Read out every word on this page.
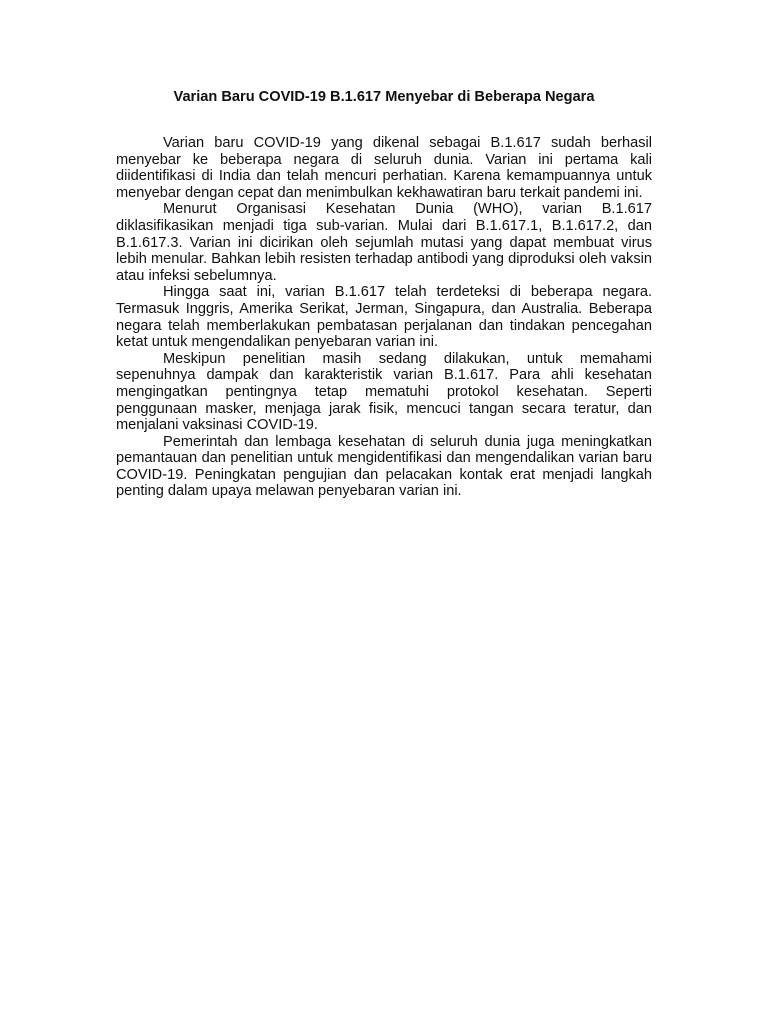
Varian Baru COVID-19 B.1.617 Menyebar di Beberapa Negara

Varian baru COVID-19 yang dikenal sebagai B.1.617 sudah berhasil menyebar ke beberapa negara di seluruh dunia. Varian ini pertama kali diidentifikasi di India dan telah mencuri perhatian. Karena kemampuannya untuk menyebar dengan cepat dan menimbulkan kekhawatiran baru terkait pandemi ini.

Menurut Organisasi Kesehatan Dunia (WHO), varian B.1.617 diklasifikasikan menjadi tiga sub-varian. Mulai dari B.1.617.1, B.1.617.2, dan B.1.617.3. Varian ini dicirikan oleh sejumlah mutasi yang dapat membuat virus lebih menular. Bahkan lebih resisten terhadap antibodi yang diproduksi oleh vaksin atau infeksi sebelumnya.

Hingga saat ini, varian B.1.617 telah terdeteksi di beberapa negara. Termasuk Inggris, Amerika Serikat, Jerman, Singapura, dan Australia. Beberapa negara telah memberlakukan pembatasan perjalanan dan tindakan pencegahan ketat untuk mengendalikan penyebaran varian ini.

Meskipun penelitian masih sedang dilakukan, untuk memahami sepenuhnya dampak dan karakteristik varian B.1.617. Para ahli kesehatan mengingatkan pentingnya tetap mematuhi protokol kesehatan. Seperti penggunaan masker, menjaga jarak fisik, mencuci tangan secara teratur, dan menjalani vaksinasi COVID-19.

Pemerintah dan lembaga kesehatan di seluruh dunia juga meningkatkan pemantauan dan penelitian untuk mengidentifikasi dan mengendalikan varian baru COVID-19. Peningkatan pengujian dan pelacakan kontak erat menjadi langkah penting dalam upaya melawan penyebaran varian ini.
